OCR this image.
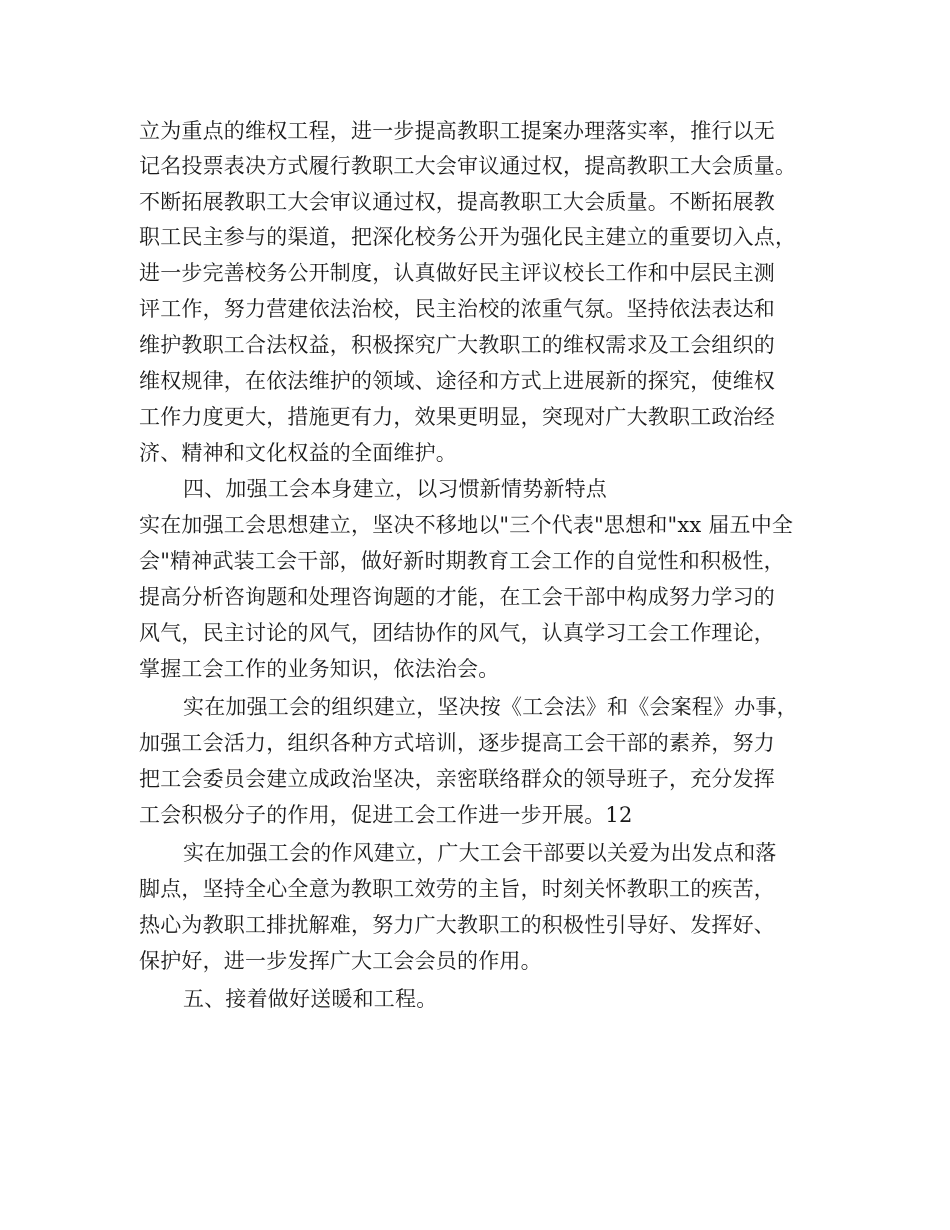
立为重点的维权工程，进一步提高教职工提案办理落实率，推行以无

记名投票表决方式履行教职工大会审议通过权，提高教职工大会质量。

不断拓展教职工大会审议通过权，提高教职工大会质量。不断拓展教

职工民主参与的渠道，把深化校务公开为强化民主建立的重要切入点，

进一步完善校务公开制度，认真做好民主评议校长工作和中层民主测

评工作，努力营建依法治校，民主治校的浓重气氛。坚持依法表达和

维护教职工合法权益，积极探究广大教职工的维权需求及工会组织的

维权规律，在依法维护的领域、途径和方式上进展新的探究，使维权

工作力度更大，措施更有力，效果更明显，突现对广大教职工政治经

济、精神和文化权益的全面维护。

四、加强工会本身建立，以习惯新情势新特点

实在加强工会思想建立，坚决不移地以"三个代表"思想和"xx 届五中全

会"精神武装工会干部，做好新时期教育工会工作的自觉性和积极性，

提高分析咨询题和处理咨询题的才能，在工会干部中构成努力学习的

风气，民主讨论的风气，团结协作的风气，认真学习工会工作理论，

掌握工会工作的业务知识，依法治会。

实在加强工会的组织建立，坚决按《工会法》和《会案程》办事，

加强工会活力，组织各种方式培训，逐步提高工会干部的素养，努力

把工会委员会建立成政治坚决，亲密联络群众的领导班子，充分发挥

工会积极分子的作用，促进工会工作进一步开展。12

实在加强工会的作风建立，广大工会干部要以关爱为出发点和落

脚点，坚持全心全意为教职工效劳的主旨，时刻关怀教职工的疾苦，

热心为教职工排扰解难，努力广大教职工的积极性引导好、发挥好、

保护好，进一步发挥广大工会会员的作用。

五、接着做好送暖和工程。
